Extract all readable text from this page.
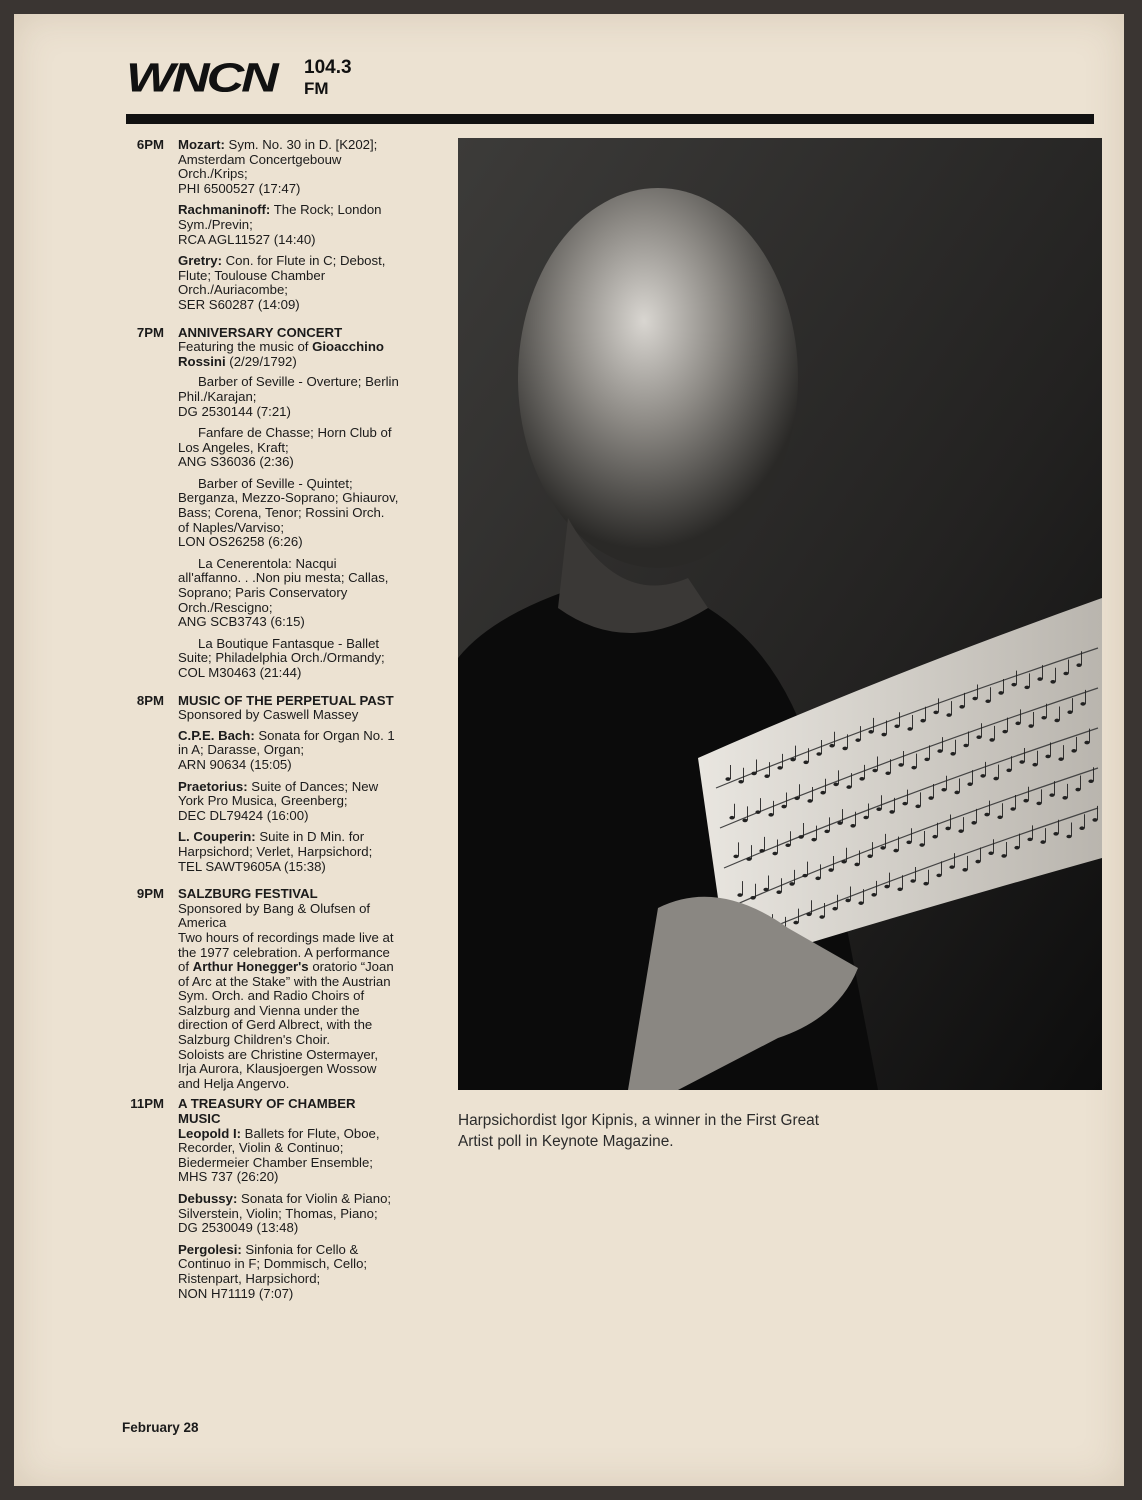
WNCN 104.3
FM
6PM	Mozart: Sym. No. 30 in D. [K202];
Amsterdam Concertgebouw
Orch./Krips;
PHI 6500527 (17:47)
Rachmaninoff: The Rock; London
Sym./Previn;
RCA AGL11527 (14:40)
Gretry: Con. for Flute in C; Debost,
Flute; Toulouse Chamber
Orch./Auriacombe;
SER S60287 (14:09)
7PM	ANNIVERSARY CONCERT
Featuring the music of Gioacchino
Rossini (2/29/1792)
Barber of Seville - Overture; Berlin
Phil./Karajan;
DG 2530144 (7:21)
Fanfare de Chasse; Horn Club of
Los Angeles, Kraft;
ANG S36036 (2:36)
Barber of Seville - Quintet;
Berganza, Mezzo-Soprano; Ghiaurov,
Bass; Corena, Tenor; Rossini Orch.
of Naples/Varviso;
LON OS26258 (6:26)
La Cenerentola: Nacqui
all'affanno. . .Non piu mesta; Callas,
Soprano; Paris Conservatory
Orch./Rescigno;
ANG SCB3743 (6:15)
La Boutique Fantasque - Ballet
Suite; Philadelphia Orch./Ormandy;
COL M30463 (21:44)
8PM	MUSIC OF THE PERPETUAL PAST
Sponsored by Caswell Massey
C.P.E. Bach: Sonata for Organ No. 1
in A; Darasse, Organ;
ARN 90634 (15:05)
Praetorius: Suite of Dances; New
York Pro Musica, Greenberg;
DEC DL79424 (16:00)
L. Couperin: Suite in D Min. for
Harpsichord; Verlet, Harpsichord;
TEL SAWT9605A (15:38)
9PM	SALZBURG FESTIVAL
Sponsored by Bang & Olufsen of
America
Two hours of recordings made live at
the 1977 celebration. A performance
of Arthur Honegger's oratorio “Joan
of Arc at the Stake” with the Austrian
Sym. Orch. and Radio Choirs of
Salzburg and Vienna under the
direction of Gerd Albrect, with the
Salzburg Children's Choir.
Soloists are Christine Ostermayer,
Irja Aurora, Klausjoergen Wossow
and Helja Angervo.
11PM	A TREASURY OF CHAMBER
MUSIC
Leopold I: Ballets for Flute, Oboe,
Recorder, Violin & Continuo;
Biedermeier Chamber Ensemble;
MHS 737 (26:20)
Debussy: Sonata for Violin & Piano;
Silverstein, Violin; Thomas, Piano;
DG 2530049 (13:48)
Pergolesi: Sinfonia for Cello &
Continuo in F; Dommisch, Cello;
Ristenpart, Harpsichord;
NON H71119 (7:07)
Harpsichordist Igor Kipnis, a winner in the First Great
Artist poll in Keynote Magazine.
February 28
